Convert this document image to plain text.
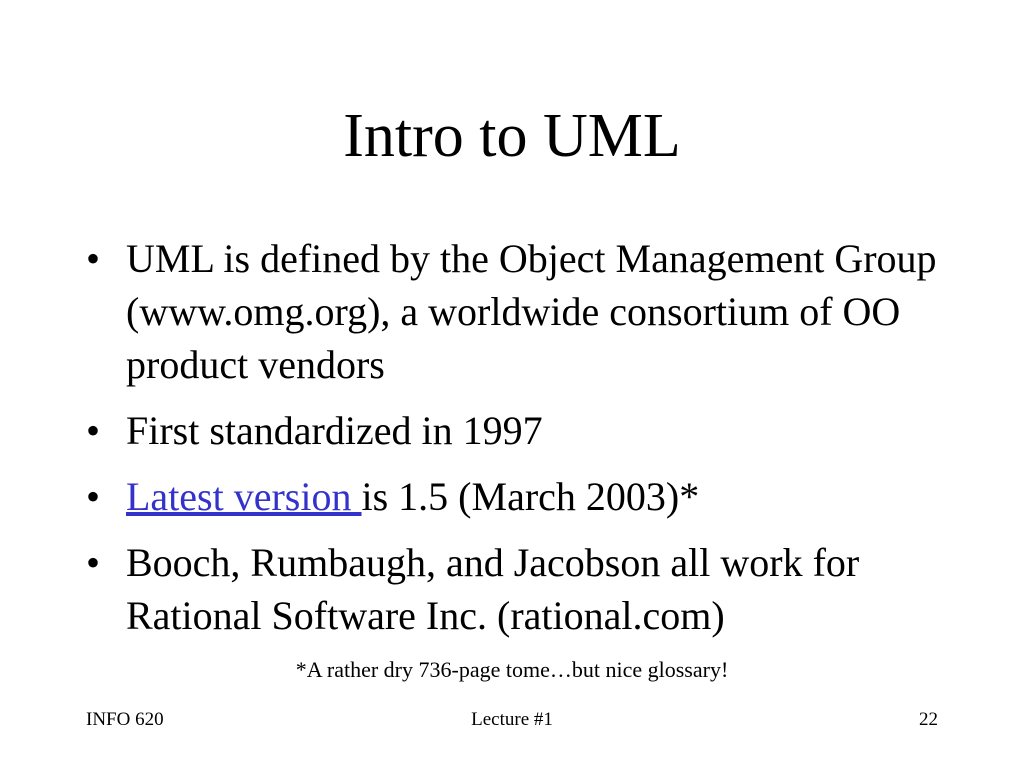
Intro to UML
• UML is defined by the Object Management Group (www.omg.org), a worldwide consortium of OO product vendors
• First standardized in 1997
• Latest version is 1.5 (March 2003)*
• Booch, Rumbaugh, and Jacobson all work for Rational Software Inc. (rational.com)
*A rather dry 736-page tome…but nice glossary!
INFO 620	Lecture #1	22
